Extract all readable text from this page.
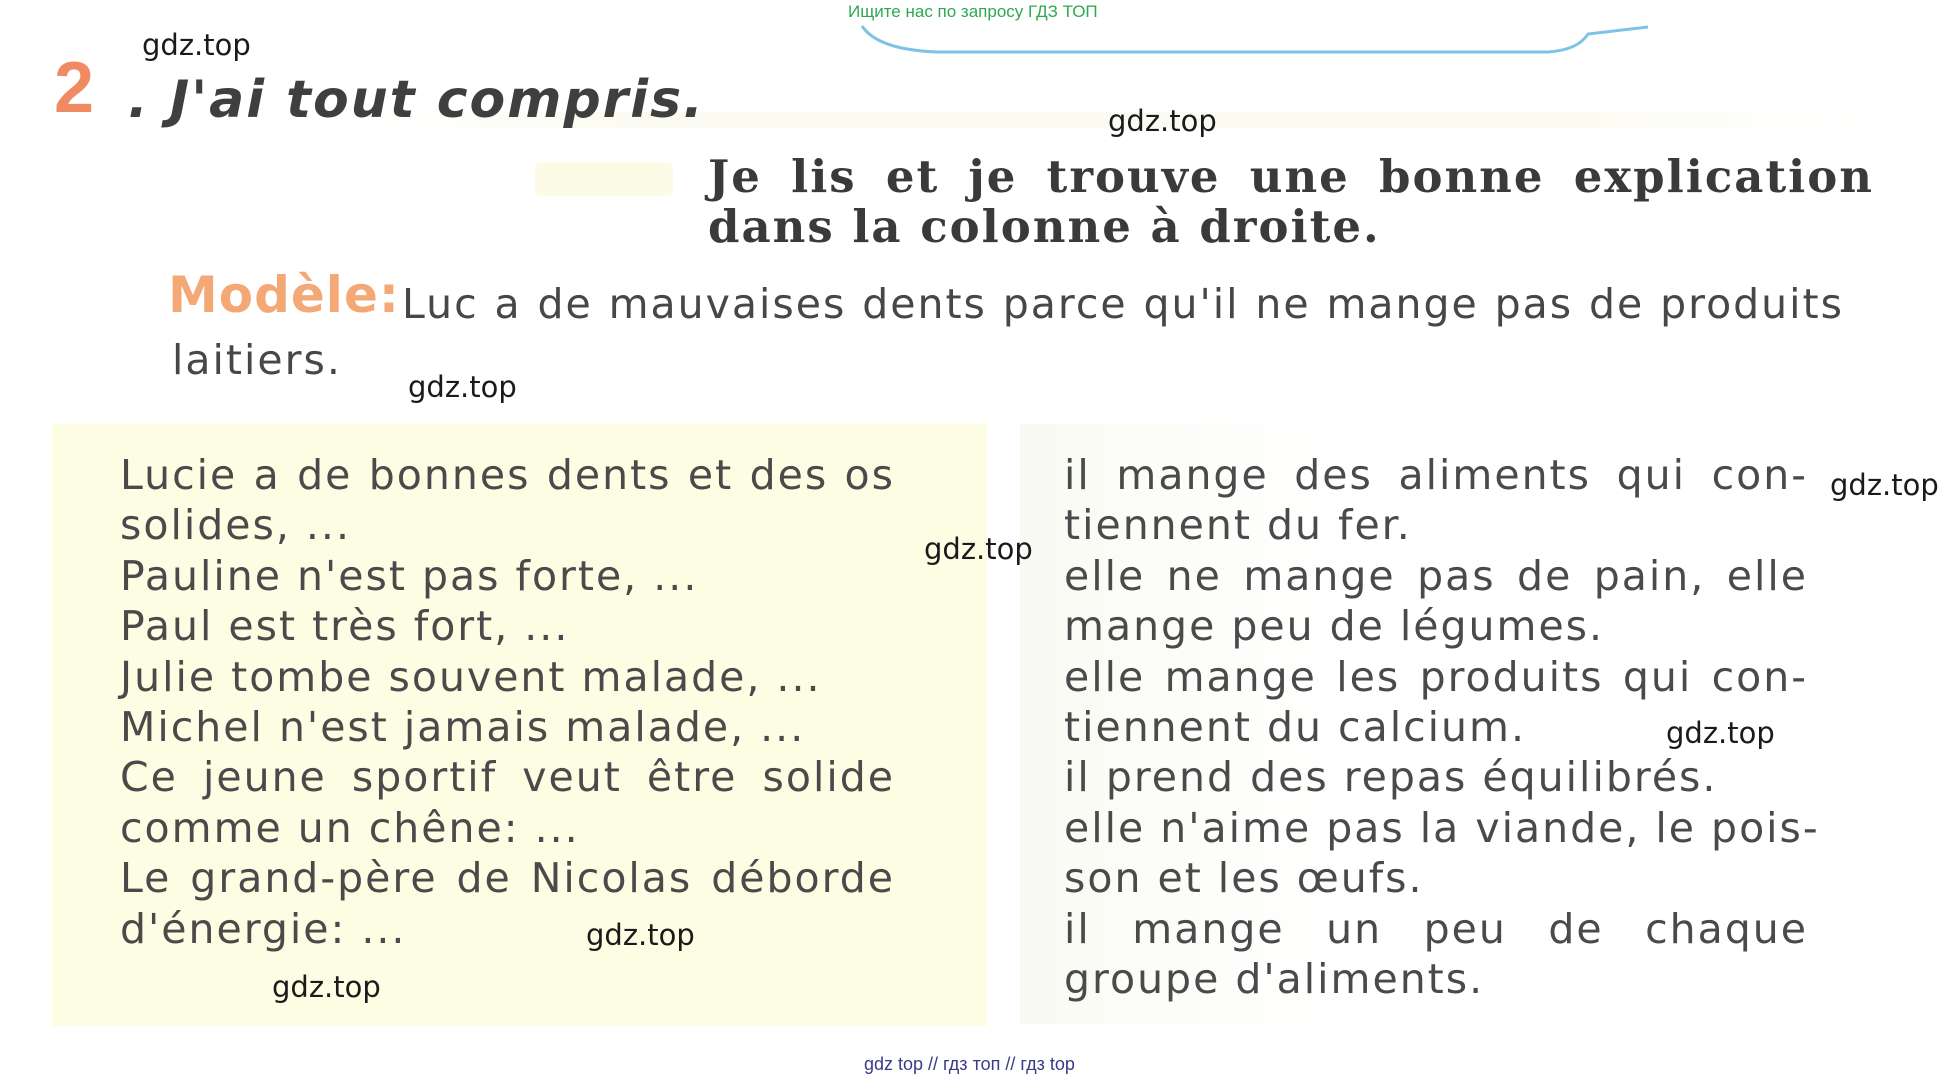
Ищите нас по запросу ГДЗ ТОП
2 . J'ai tout compris.
Je lis et je trouve une bonne explication dans la colonne à droite.
Luc a de mauvaises dents parce qu'il ne mange pas de produits laitiers.
Modèle:
Lucie a de bonnes dents et des os
solides, ...
Pauline n'est pas forte, ...
Paul est très fort, ...
Julie tombe souvent malade, ...
Michel n'est jamais malade, ...
Ce jeune sportif veut être solide
comme un chêne: ...
Le grand-père de Nicolas déborde
d'énergie: ...
il mange des aliments qui con-
tiennent du fer.
elle ne mange pas de pain, elle
mange peu de légumes.
elle mange les produits qui con-
tiennent du calcium.
il prend des repas équilibrés.
elle n'aime pas la viande, le pois-
son et les œufs.
il mange un peu de chaque
groupe d'aliments.
gdz.top
gdz.top
gdz.top
gdz.top
gdz.top
gdz.top
gdz.top
gdz.top
gdz top // гдз топ // гдз top
